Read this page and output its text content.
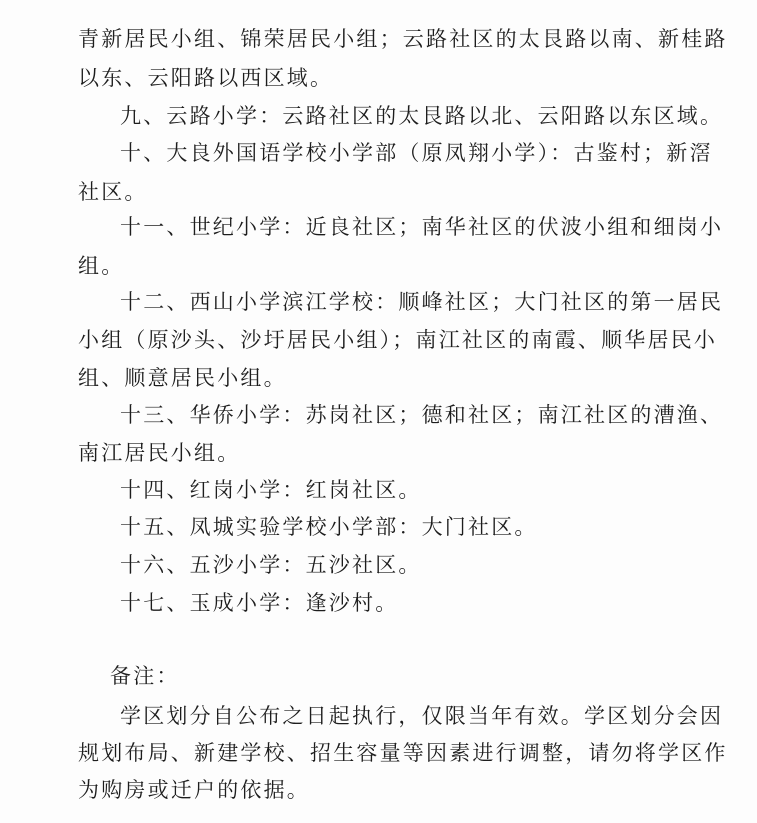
青新居民小组、锦荣居民小组；云路社区的太艮路以南、新桂路
以东、云阳路以西区域。
九、云路小学：云路社区的太艮路以北、云阳路以东区域。
十、大良外国语学校小学部（原凤翔小学）：古鉴村；新滘
社区。
十一、世纪小学：近良社区；南华社区的伏波小组和细岗小
组。
十二、西山小学滨江学校：顺峰社区；大门社区的第一居民
小组（原沙头、沙圩居民小组）；南江社区的南霞、顺华居民小
组、顺意居民小组。
十三、华侨小学：苏岗社区；德和社区；南江社区的漕渔、
南江居民小组。
十四、红岗小学：红岗社区。
十五、凤城实验学校小学部：大门社区。
十六、五沙小学：五沙社区。
十七、玉成小学：逢沙村。
备注：
学区划分自公布之日起执行，仅限当年有效。学区划分会因
规划布局、新建学校、招生容量等因素进行调整，请勿将学区作
为购房或迁户的依据。
